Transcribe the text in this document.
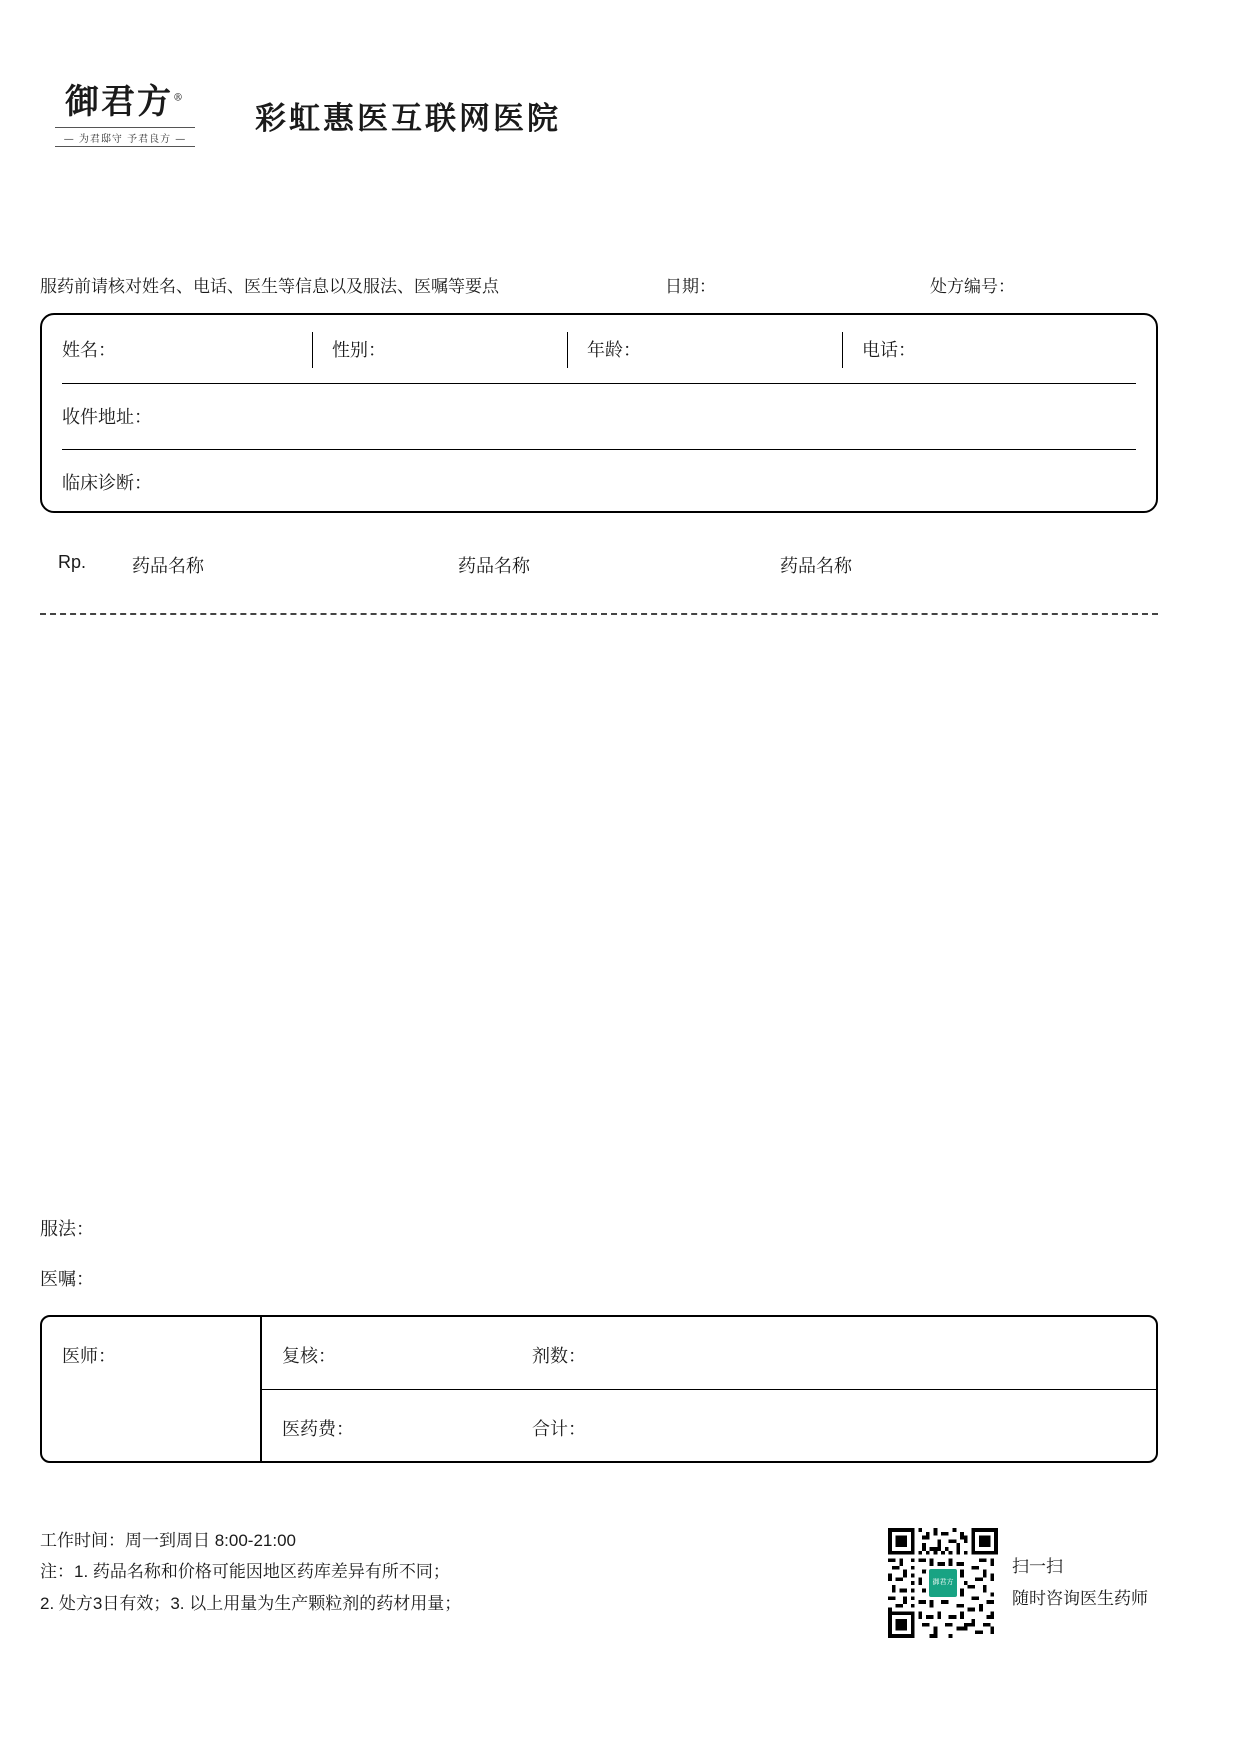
御君方®
— 为君邸守 予君良方 —
彩虹惠医互联网医院
服药前请核对姓名、电话、医生等信息以及服法、医嘱等要点	日期：	处方编号：
姓名：	性别：	年龄：	电话：
收件地址：
临床诊断：
Rp.	药品名称	药品名称	药品名称
服法：
医嘱：
医师：	复核：	剂数：
医药费：	合计：
工作时间：周一到周日 8:00-21:00
注：1. 药品名称和价格可能因地区药库差异有所不同；
2. 处方3日有效；3. 以上用量为生产颗粒剂的药材用量；
御君方
扫一扫
随时咨询医生药师
